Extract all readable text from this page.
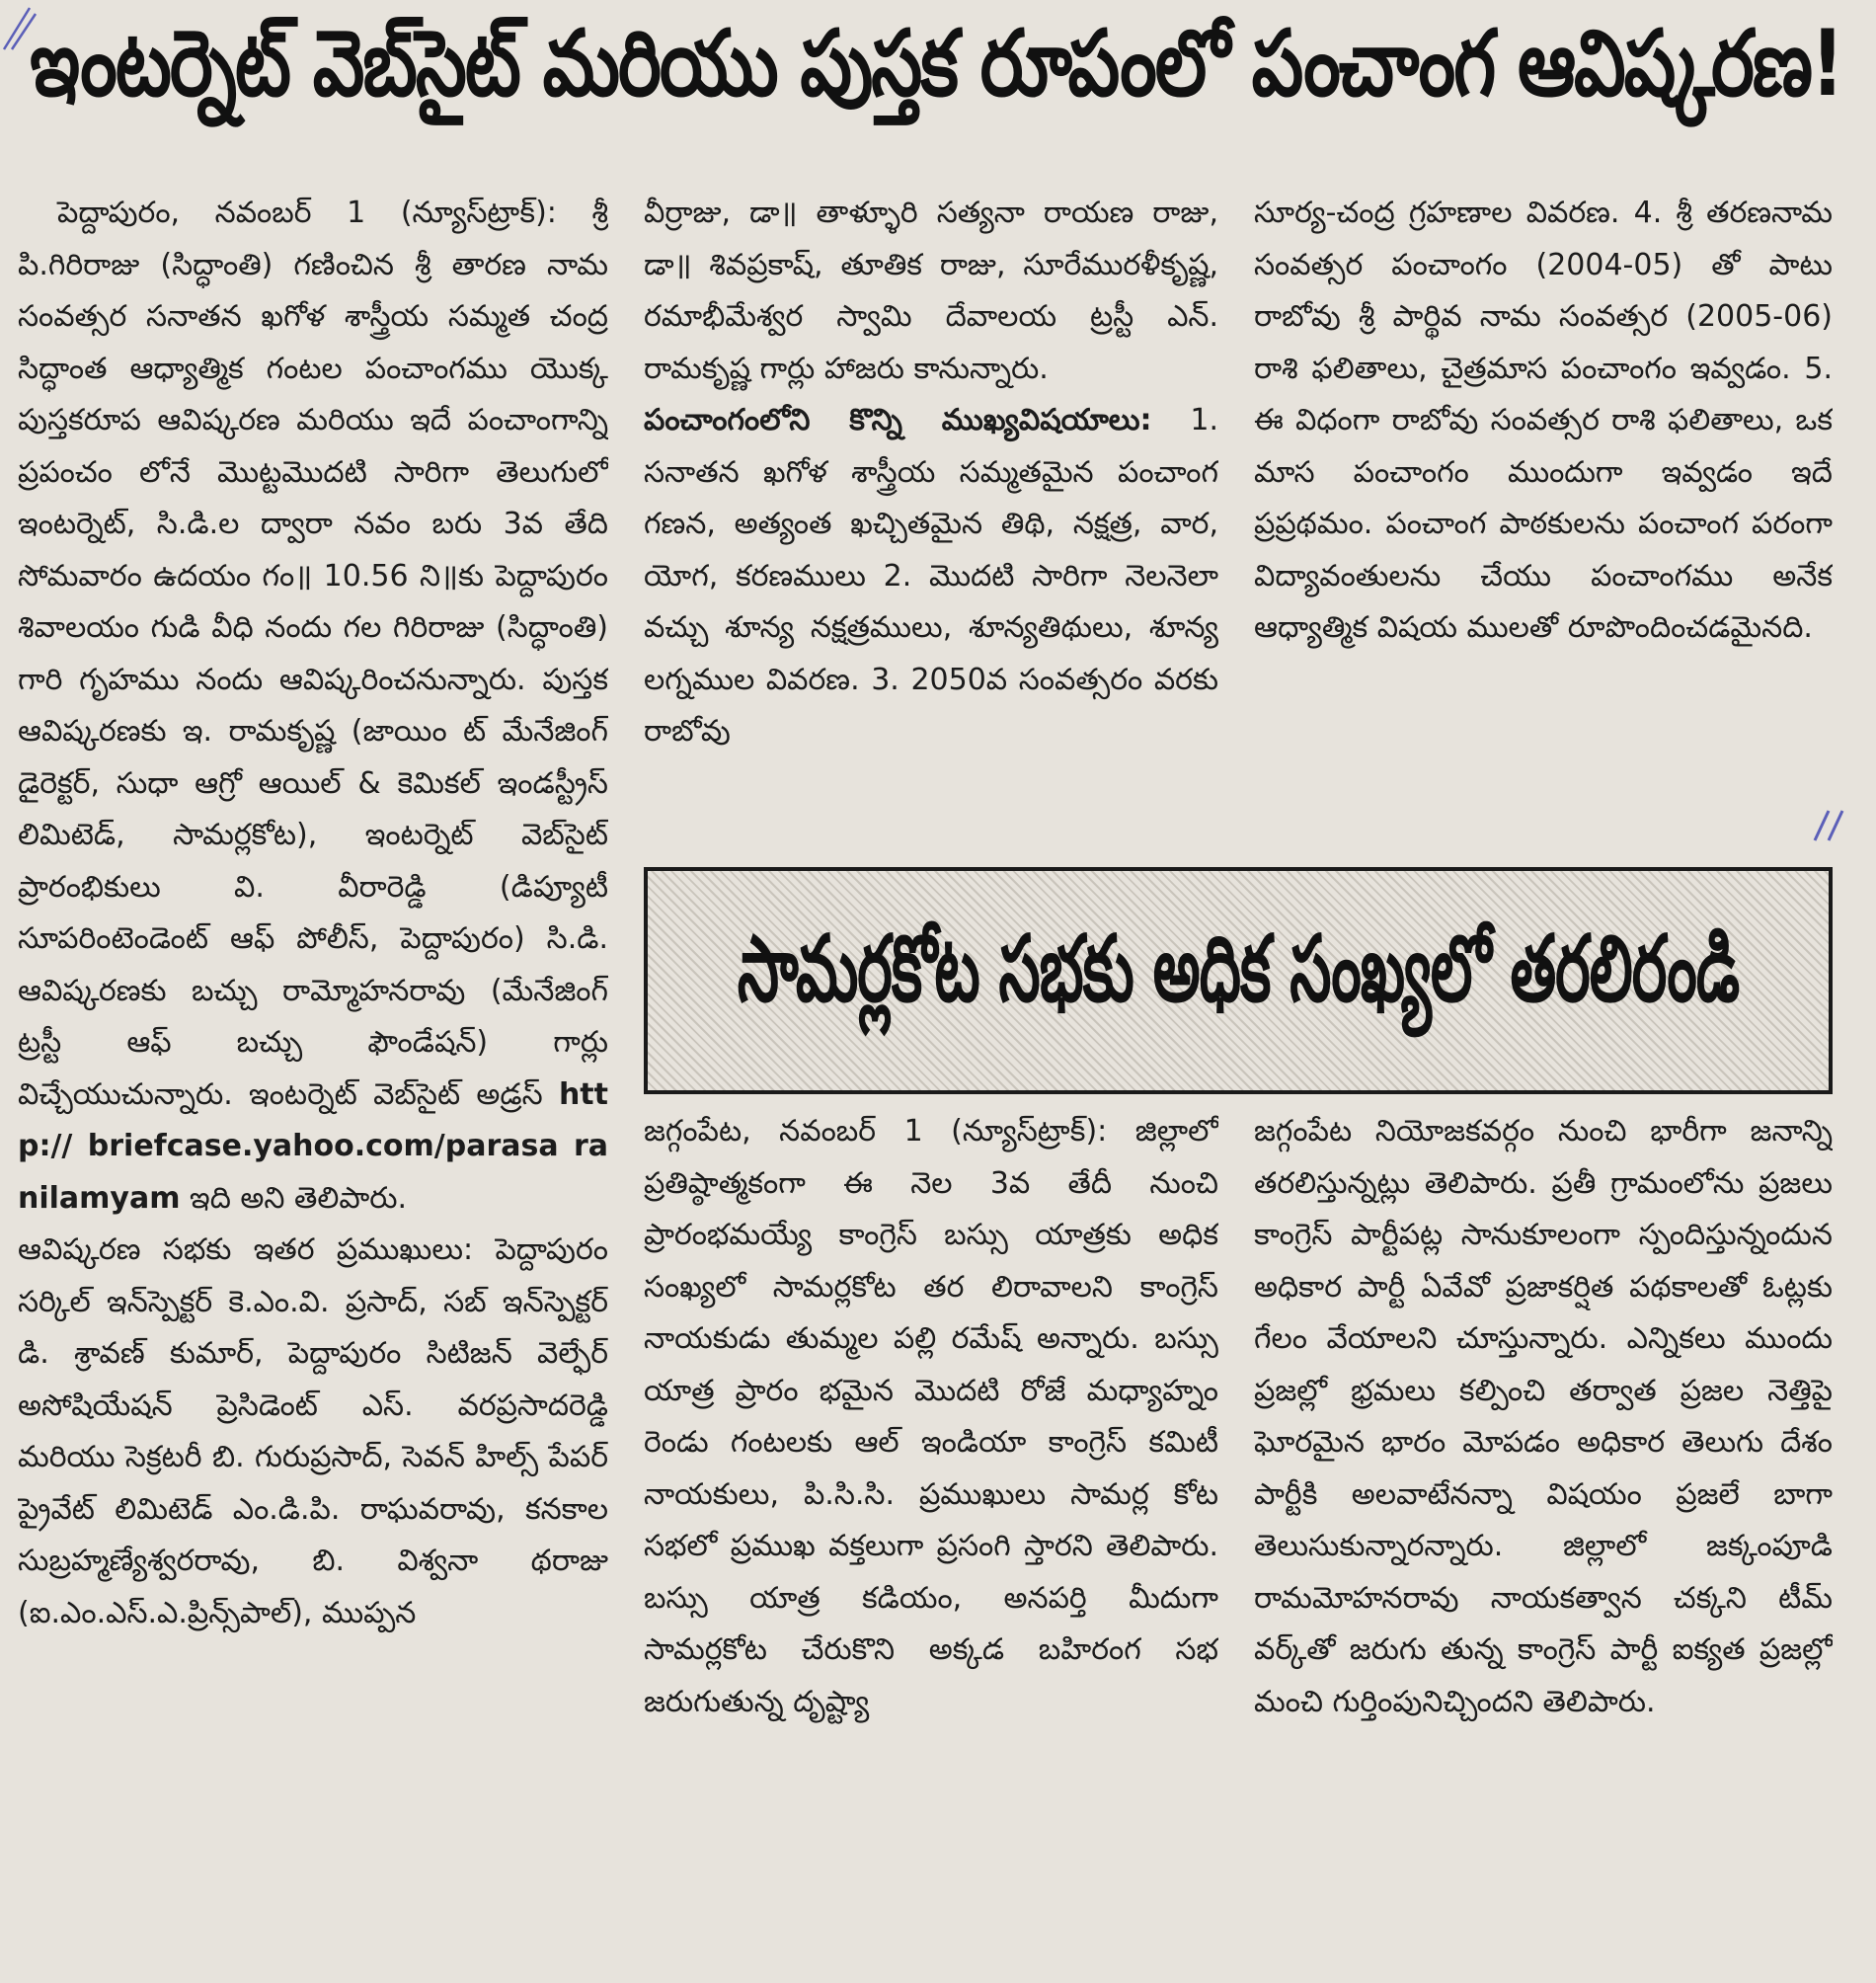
ఇంటర్నెట్ వెబ్‌సైట్ మరియు పుస్తక రూపంలో పంచాంగ ఆవిష్కరణ!

పెద్దాపురం, నవంబర్ 1 (న్యూస్‌ట్రాక్): శ్రీ పి.గిరిరాజు (సిద్ధాంతి) గణించిన శ్రీ తారణ నామ సంవత్సర సనాతన ఖగోళ శాస్త్రీయ సమ్మత చంద్ర సిద్ధాంత ఆధ్యాత్మిక గంటల పంచాంగము యొక్క పుస్తకరూప ఆవిష్కరణ మరియు ఇదే పంచాంగాన్ని ప్రపంచం లోనే మొట్టమొదటి సారిగా తెలుగులో ఇంటర్నెట్, సి.డి.ల ద్వారా నవం బరు 3వ తేది సోమవారం ఉదయం గం॥ 10.56 ని॥కు పెద్దాపురం శివాలయం గుడి వీధి నందు గల గిరిరాజు (సిద్ధాంతి) గారి గృహము నందు ఆవిష్కరించనున్నారు. పుస్తక ఆవిష్కరణకు ఇ. రామకృష్ణ (జాయిం ట్ మేనేజింగ్ డైరెక్టర్, సుధా ఆగ్రో ఆయిల్ & కెమికల్ ఇండస్ట్రీస్ లిమిటెడ్, సామర్లకోట), ఇంటర్నెట్ వెబ్‌సైట్ ప్రారంభికులు వి. వీరారెడ్డి (డిప్యూటీ సూపరింటెండెంట్ ఆఫ్ పోలీస్, పెద్దాపురం) సి.డి. ఆవిష్కరణకు బచ్చు రామ్మోహనరావు (మేనేజింగ్ ట్రస్టీ ఆఫ్ బచ్చు ఫౌండేషన్) గార్లు విచ్చేయుచున్నారు. ఇంటర్నెట్ వెబ్‌సైట్ అడ్రస్ http:// briefcase.yahoo.com/parasa ranilamyam ఇది అని తెలిపారు.

ఆవిష్కరణ సభకు ఇతర ప్రముఖులు: పెద్దాపురం సర్కిల్ ఇన్‌స్పెక్టర్ కె.ఎం.వి. ప్రసాద్, సబ్ ఇన్‌స్పెక్టర్ డి. శ్రావణ్ కుమార్, పెద్దాపురం సిటిజన్ వెల్ఫేర్ అసోషియేషన్ ప్రెసిడెంట్ ఎస్. వరప్రసాదరెడ్డి మరియు సెక్రటరీ బి. గురుప్రసాద్, సెవన్ హిల్స్ పేపర్ ప్రైవేట్ లిమిటెడ్ ఎం.డి.పి. రాఘవరావు, కనకాల సుబ్రహ్మణ్యేశ్వరరావు, బి. విశ్వనా థరాజు (ఐ.ఎం.ఎస్.ఎ.ప్రిన్స్‌పాల్), ముప్పన

వీర్రాజు, డా॥ తాళ్ళూరి సత్యనా రాయణ రాజు, డా॥ శివప్రకాష్, తూతిక రాజు, సూరేమురళీకృష్ణ, రమాభీమేశ్వర స్వామి దేవాలయ ట్రస్టీ ఎన్. రామకృష్ణ గార్లు హాజరు కానున్నారు.

పంచాంగంలోని కొన్ని ముఖ్యవిషయాలు: 1. సనాతన ఖగోళ శాస్త్రీయ సమ్మతమైన పంచాంగ గణన, అత్యంత ఖచ్చితమైన తిథి, నక్షత్ర, వార, యోగ, కరణములు 2. మొదటి సారిగా నెలనెలా వచ్చు శూన్య నక్షత్రములు, శూన్యతిథులు, శూన్య లగ్నముల వివరణ. 3. 2050వ సంవత్సరం వరకు రాబోవు

సూర్య-చంద్ర గ్రహణాల వివరణ. 4. శ్రీ తరణనామ సంవత్సర పంచాంగం (2004-05) తో పాటు రాబోవు శ్రీ పార్థివ నామ సంవత్సర (2005-06) రాశి ఫలితాలు, చైత్రమాస పంచాంగం ఇవ్వడం. 5. ఈ విధంగా రాబోవు సంవత్సర రాశి ఫలితాలు, ఒక మాస పంచాంగం ముందుగా ఇవ్వడం ఇదే ప్రప్రథమం. పంచాంగ పాఠకులను పంచాంగ పరంగా విద్యావంతులను చేయు పంచాంగము అనేక ఆధ్యాత్మిక విషయ ములతో రూపొందించడమైనది.

సామర్లకోట సభకు అధిక సంఖ్యలో తరలిరండి

జగ్గంపేట, నవంబర్ 1 (న్యూస్‌ట్రాక్): జిల్లాలో ప్రతిష్ఠాత్మకంగా ఈ నెల 3వ తేదీ నుంచి ప్రారంభమయ్యే కాంగ్రెస్ బస్సు యాత్రకు అధిక సంఖ్యలో సామర్లకోట తర లిరావాలని కాంగ్రెస్ నాయకుడు తుమ్మల పల్లి రమేష్ అన్నారు. బస్సు యాత్ర ప్రారం భమైన మొదటి రోజే మధ్యాహ్నం రెండు గంటలకు ఆల్ ఇండియా కాంగ్రెస్ కమిటీ నాయకులు, పి.సి.సి. ప్రముఖులు సామర్ల కోట సభలో ప్రముఖ వక్తలుగా ప్రసంగి స్తారని తెలిపారు. బస్సు యాత్ర కడియం, అనపర్తి మీదుగా సామర్లకోట చేరుకొని అక్కడ బహిరంగ సభ జరుగుతున్న దృష్ట్యా

జగ్గంపేట నియోజకవర్గం నుంచి భారీగా జనాన్ని తరలిస్తున్నట్లు తెలిపారు. ప్రతీ గ్రామంలోను ప్రజలు కాంగ్రెస్ పార్టీపట్ల సానుకూలంగా స్పందిస్తున్నందున అధికార పార్టీ ఏవేవో ప్రజాకర్షిత పథకాలతో ఓట్లకు గేలం వేయాలని చూస్తున్నారు. ఎన్నికలు ముందు ప్రజల్లో భ్రమలు కల్పించి తర్వాత ప్రజల నెత్తిపై ఘోరమైన భారం మోపడం అధికార తెలుగు దేశం పార్టీకి అలవాటేనన్నా విషయం ప్రజలే బాగా తెలుసుకున్నారన్నారు. జిల్లాలో జక్కంపూడి రామమోహనరావు నాయకత్వాన చక్కని టీమ్ వర్క్‌తో జరుగు తున్న కాంగ్రెస్ పార్టీ ఐక్యత ప్రజల్లో మంచి గుర్తింపునిచ్చిందని తెలిపారు.
